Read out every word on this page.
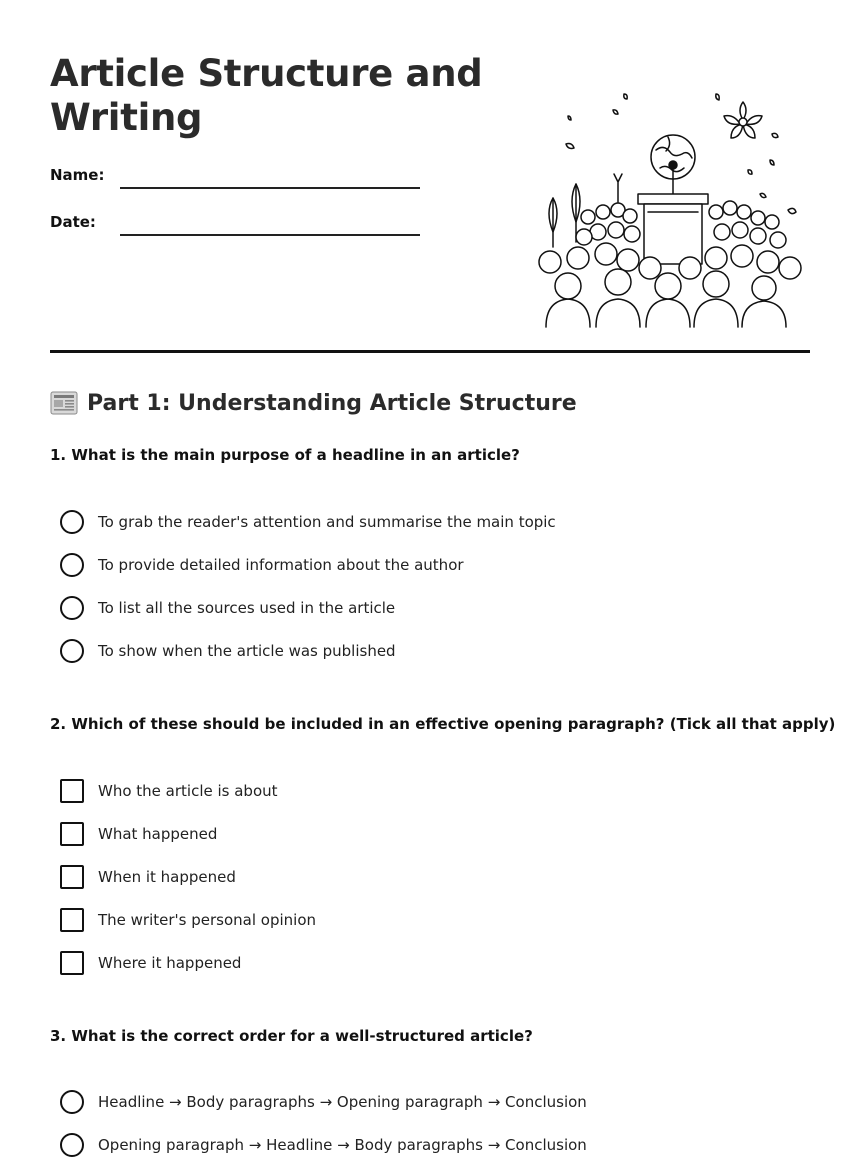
Article Structure and Writing
Name:
Date:
Part 1: Understanding Article Structure

1. What is the main purpose of a headline in an article?

To grab the reader's attention and summarise the main topic
To provide detailed information about the author
To list all the sources used in the article
To show when the article was published

2. Which of these should be included in an effective opening paragraph? (Tick all that apply)

Who the article is about
What happened
When it happened
The writer's personal opinion
Where it happened

3. What is the correct order for a well-structured article?

Headline → Body paragraphs → Opening paragraph → Conclusion
Opening paragraph → Headline → Body paragraphs → Conclusion
